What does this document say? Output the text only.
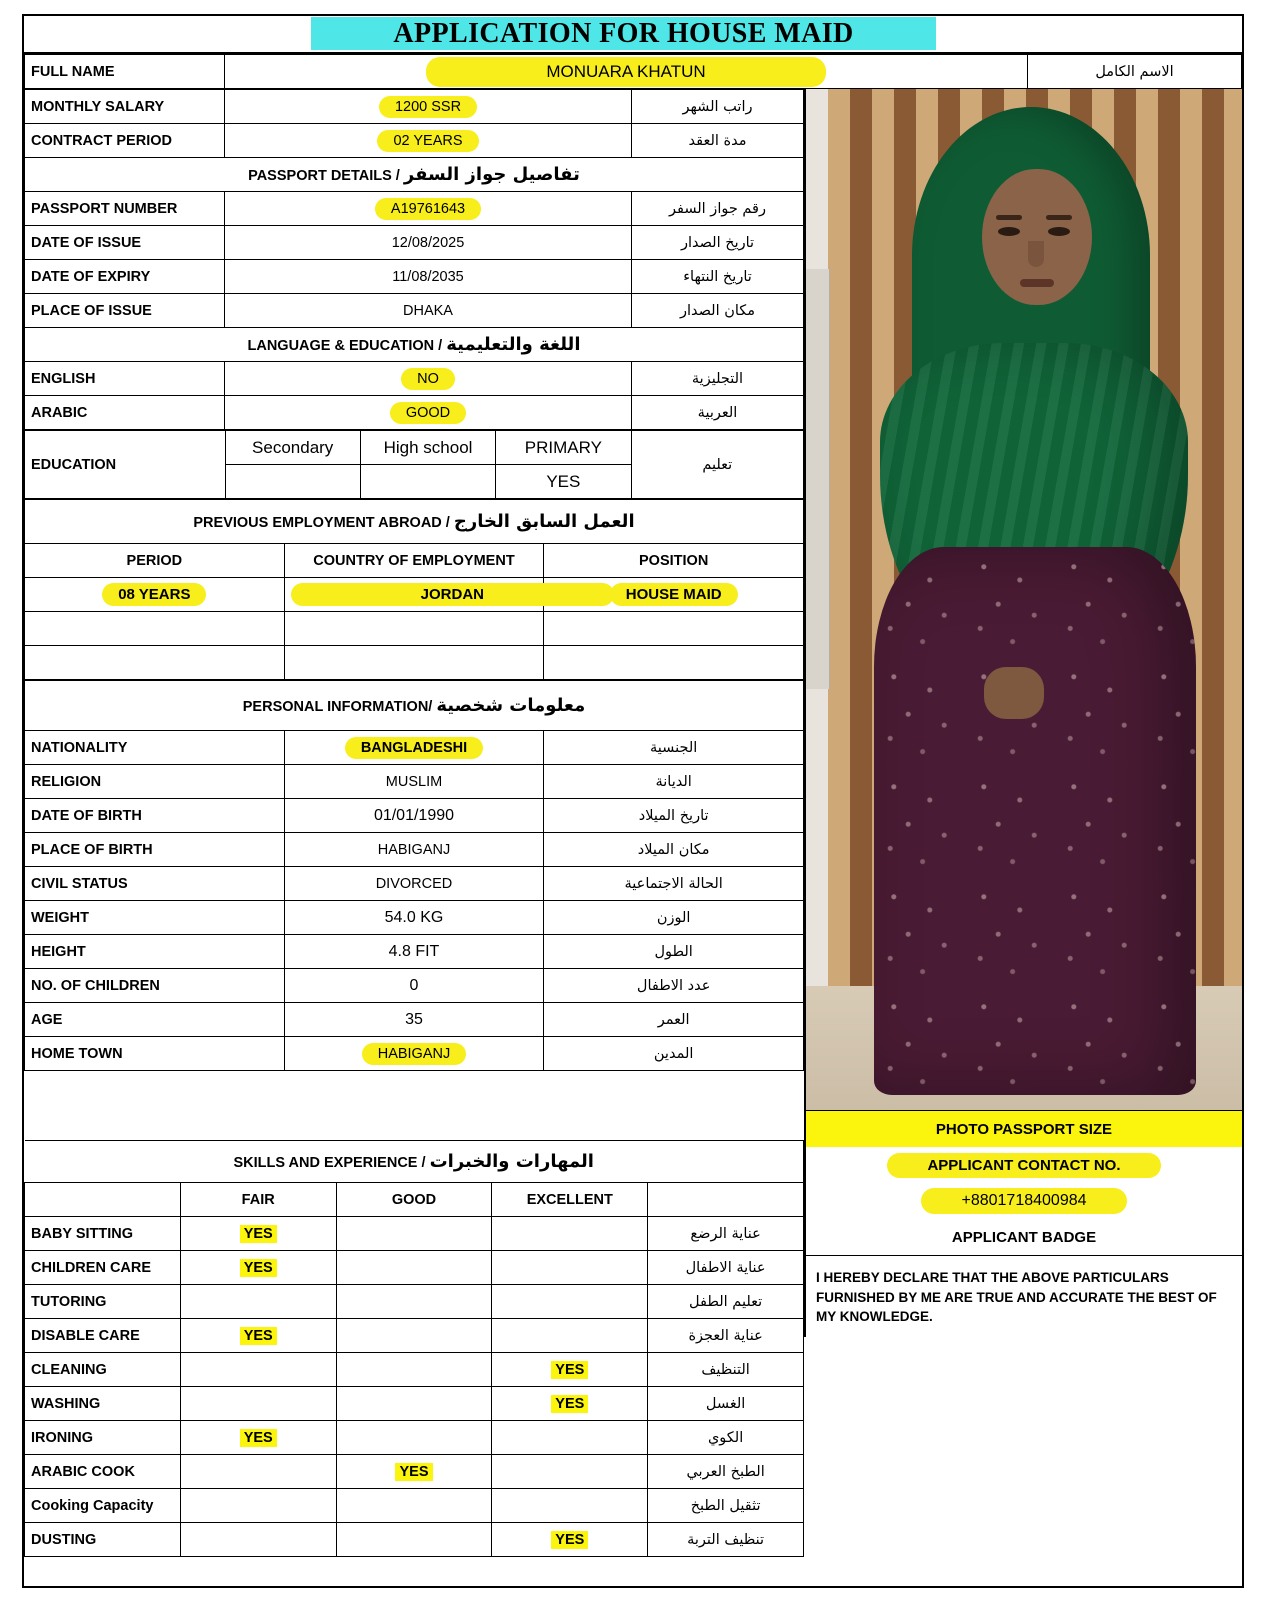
APPLICATION FOR HOUSE MAID
FULL NAME	MONUARA KHATUN	الاسم الكامل
MONTHLY SALARY	1200 SSR	راتب الشهر
CONTRACT PERIOD	02 YEARS	مدة العقد
PASSPORT DETAILS / تفاصيل جواز السفر		
PASSPORT NUMBER	A19761643	رقم جواز السفر
DATE OF ISSUE	12/08/2025	تاريخ الصدار
DATE OF EXPIRY	11/08/2035	تاريخ النتهاء
PLACE OF ISSUE	DHAKA	مكان الصدار
LANGUAGE & EDUCATION / اللغة والتعليمية		
ENGLISH	NO	التجليزية
ARABIC	GOOD	العربية
EDUCATION	Secondary	High school	PRIMARY	تعليم
			YES	
PREVIOUS EMPLOYMENT ABROAD / العمل السابق الخارج		
PERIOD	COUNTRY OF EMPLOYMENT	POSITION
08 YEARS	JORDAN	HOUSE MAID

PERSONAL INFORMATION/ معلومات شخصية		
NATIONALITY	BANGLADESHI	الجنسية
RELIGION	MUSLIM	الديانة
DATE OF BIRTH	01/01/1990	تاريخ الميلاد
PLACE OF BIRTH	HABIGANJ	مكان الميلاد
CIVIL STATUS	DIVORCED	الحالة الاجتماعية
WEIGHT	54.0 KG	الوزن
HEIGHT	4.8 FIT	الطول
NO. OF CHILDREN	0	عدد الاطفال
AGE	35	العمر
HOME TOWN	HABIGANJ	المدين
PHOTO PASSPORT SIZE
APPLICANT CONTACT NO.
+8801718400984
APPLICANT BADGE
I HEREBY DECLARE THAT THE ABOVE PARTICULARS FURNISHED BY ME ARE TRUE AND ACCURATE THE BEST OF MY KNOWLEDGE.
SKILLS AND EXPERIENCE / المهارات والخبرات				
	FAIR	GOOD	EXCELLENT	
BABY SITTING	YES			عناية الرضع
CHILDREN CARE	YES			عناية الاطفال
TUTORING				تعليم الطفل
DISABLE CARE	YES			عناية العجزة
CLEANING			YES	التنظيف
WASHING			YES	الغسل
IRONING	YES			الكوي
ARABIC COOK		YES		الطبخ العربي
Cooking Capacity				تثقيل الطبخ
DUSTING			YES	تنظيف التربة
